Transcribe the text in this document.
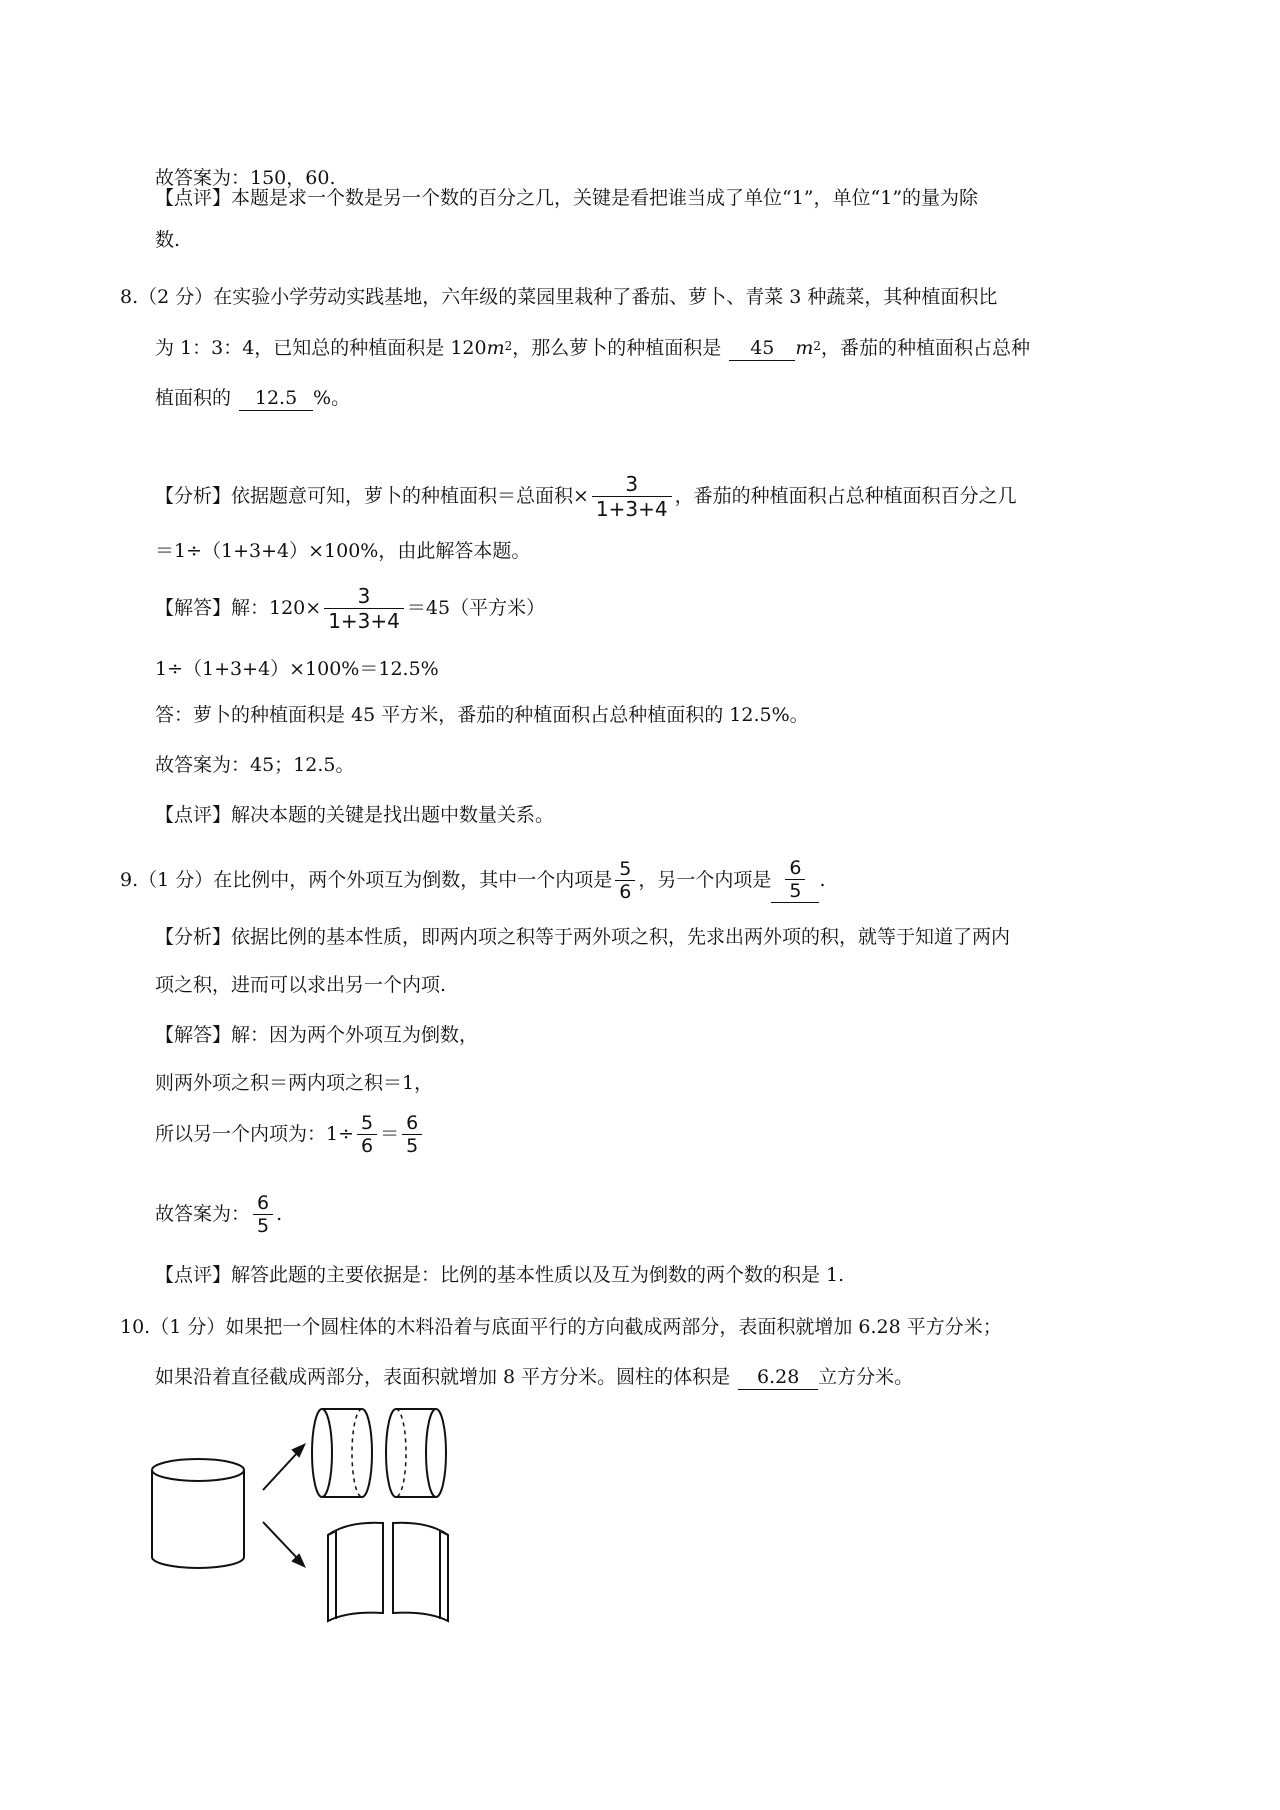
故答案为：150，60.
【点评】本题是求一个数是另一个数的百分之几，关键是看把谁当成了单位“1”，单位“1”的量为除
数.
8.（2 分）在实验小学劳动实践基地，六年级的菜园里栽种了番茄、萝卜、青菜 3 种蔬菜，其种植面积比
为 1：3：4，已知总的种植面积是 120 $m^2$ ，那么萝卜的种植面积是	45	$m^2$ ，番茄的种植面积占总种
植面积的	12.5 %。
【分析】依据题意可知，萝卜的种植面积＝总面积× $\frac{3}{1+3+4}$ ，番茄的种植面积占总种植面积百分之几
＝1÷（1+3+4）×100%，由此解答本题。
【解答】解：$120\times \frac{3}{1+3+4} =45$（平方米）
1÷（1+3+4）×100%＝12.5%
答：萝卜的种植面积是 45 平方米，番茄的种植面积占总种植面积的 12.5%。
故答案为：45；12.5。
【点评】解决本题的关键是找出题中数量关系。
9.（1 分）在比例中，两个外项互为倒数，其中一个内项是 $\frac{5}{6}$ ，另一个内项是 $\frac{6}{5}$ .
【分析】依据比例的基本性质，即两内项之积等于两外项之积，先求出两外项的积，就等于知道了两内
项之积，进而可以求出另一个内项.
【解答】解：因为两个外项互为倒数，
则两外项之积＝两内项之积＝1，
所以另一个内项为：$1\div \frac{5}{6} = \frac{6}{5}$
故答案为： $\frac{6}{5}$ .
【点评】解答此题的主要依据是：比例的基本性质以及互为倒数的两个数的积是 1.
10.（1 分）如果把一个圆柱体的木料沿着与底面平行的方向截成两部分，表面积就增加 6.28 平方分米；
如果沿着直径截成两部分，表面积就增加 8 平方分米。圆柱的体积是	6.28 立方分米。
